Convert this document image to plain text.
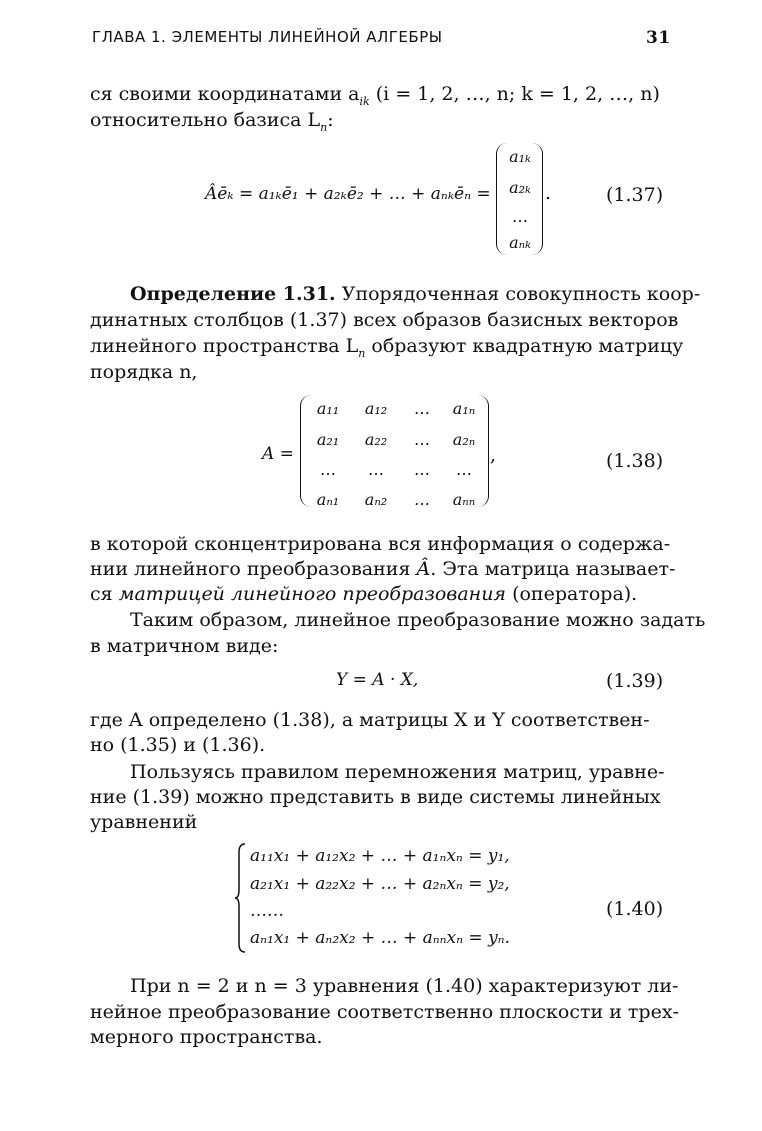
ГЛАВА 1. ЭЛЕМЕНТЫ ЛИНЕЙНОЙ АЛГЕБРЫ	31
ся своими координатами $a_{ik}$ (i = 1, 2, …, n; k = 1, 2, …, n)
относительно базиса $L_n$:
Âēₖ = a₁ₖē₁ + a₂ₖē₂ + … + aₙₖēₙ =
a₁ₖ
a₂ₖ
…
aₙₖ
.	(1.37)
Определение 1.31. Упорядоченная совокупность коор-
динатных столбцов (1.37) всех образов базисных векторов
линейного пространства $L_n$ образуют квадратную матрицу
порядка n,
A =
a₁₁	a₁₂	…	a₁ₙ
a₂₁	a₂₂	…	a₂ₙ
…	…	…	…
aₙ₁	aₙ₂	…	aₙₙ
,	(1.38)
в которой сконцентрирована вся информация о содержа-
нии линейного преобразования Â. Эта матрица называет-
ся матрицей линейного преобразования (оператора).
Таким образом, линейное преобразование можно задать
в матричном виде:
Y = A · X,	(1.39)
где A определено (1.38), а матрицы X и Y соответствен-
но (1.35) и (1.36).
Пользуясь правилом перемножения матриц, уравне-
ние (1.39) можно представить в виде системы линейных
уравнений
a₁₁x₁ + a₁₂x₂ + … + a₁ₙxₙ = y₁,
a₂₁x₁ + a₂₂x₂ + … + a₂ₙxₙ = y₂,
……
aₙ₁x₁ + aₙ₂x₂ + … + aₙₙxₙ = yₙ.
(1.40)
При n = 2 и n = 3 уравнения (1.40) характеризуют ли-
нейное преобразование соответственно плоскости и трех-
мерного пространства.
